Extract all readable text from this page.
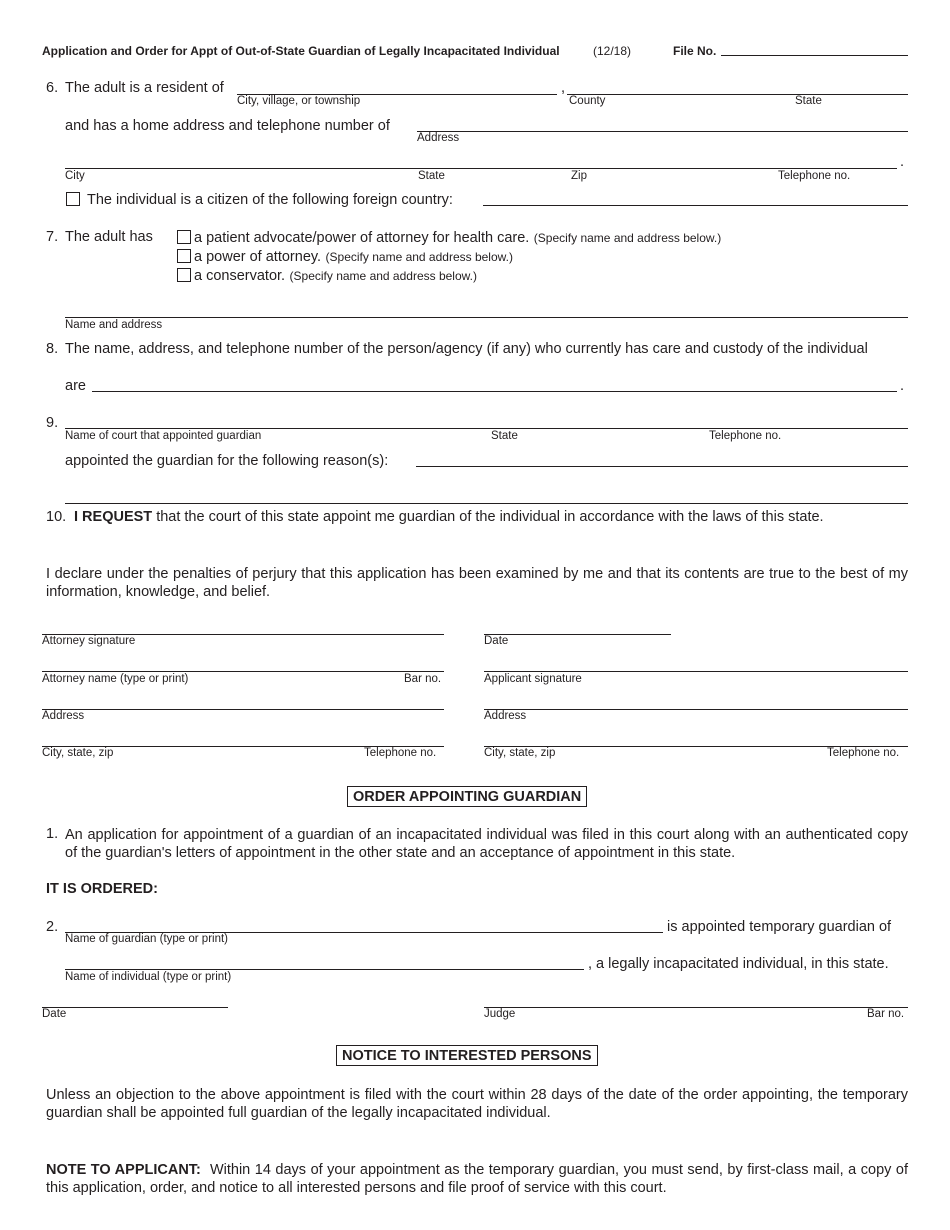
Application and Order for Appt of Out-of-State Guardian of Legally Incapacitated Individual	(12/18)	File No.
6. The adult is a resident of	,
City, village, or township	County	State
and has a home address and telephone number of
Address
.
City	State	Zip	Telephone no.
The individual is a citizen of the following foreign country:
7. The adult has	a patient advocate/power of attorney for health care. (Specify name and address below.)
a power of attorney. (Specify name and address below.)
a conservator. (Specify name and address below.)
Name and address
8. The name, address, and telephone number of the person/agency (if any) who currently has care and custody of the individual
are	.
9.
Name of court that appointed guardian	State	Telephone no.
appointed the guardian for the following reason(s):
10. I REQUEST that the court of this state appoint me guardian of the individual in accordance with the laws of this state.
I declare under the penalties of perjury that this application has been examined by me and that its contents are true to the best of my information, knowledge, and belief.
Attorney signature	Date
Attorney name (type or print)	Bar no.	Applicant signature
Address	Address
City, state, zip	Telephone no.	City, state, zip	Telephone no.
ORDER APPOINTING GUARDIAN
1. An application for appointment of a guardian of an incapacitated individual was filed in this court along with an authenticated copy of the guardian's letters of appointment in the other state and an acceptance of appointment in this state.
IT IS ORDERED:
2.	is appointed temporary guardian of
Name of guardian (type or print)
, a legally incapacitated individual, in this state.
Name of individual (type or print)
Date	Judge	Bar no.
NOTICE TO INTERESTED PERSONS
Unless an objection to the above appointment is filed with the court within 28 days of the date of the order appointing, the temporary guardian shall be appointed full guardian of the legally incapacitated individual.
NOTE TO APPLICANT: Within 14 days of your appointment as the temporary guardian, you must send, by first-class mail, a copy of this application, order, and notice to all interested persons and file proof of service with this court.
